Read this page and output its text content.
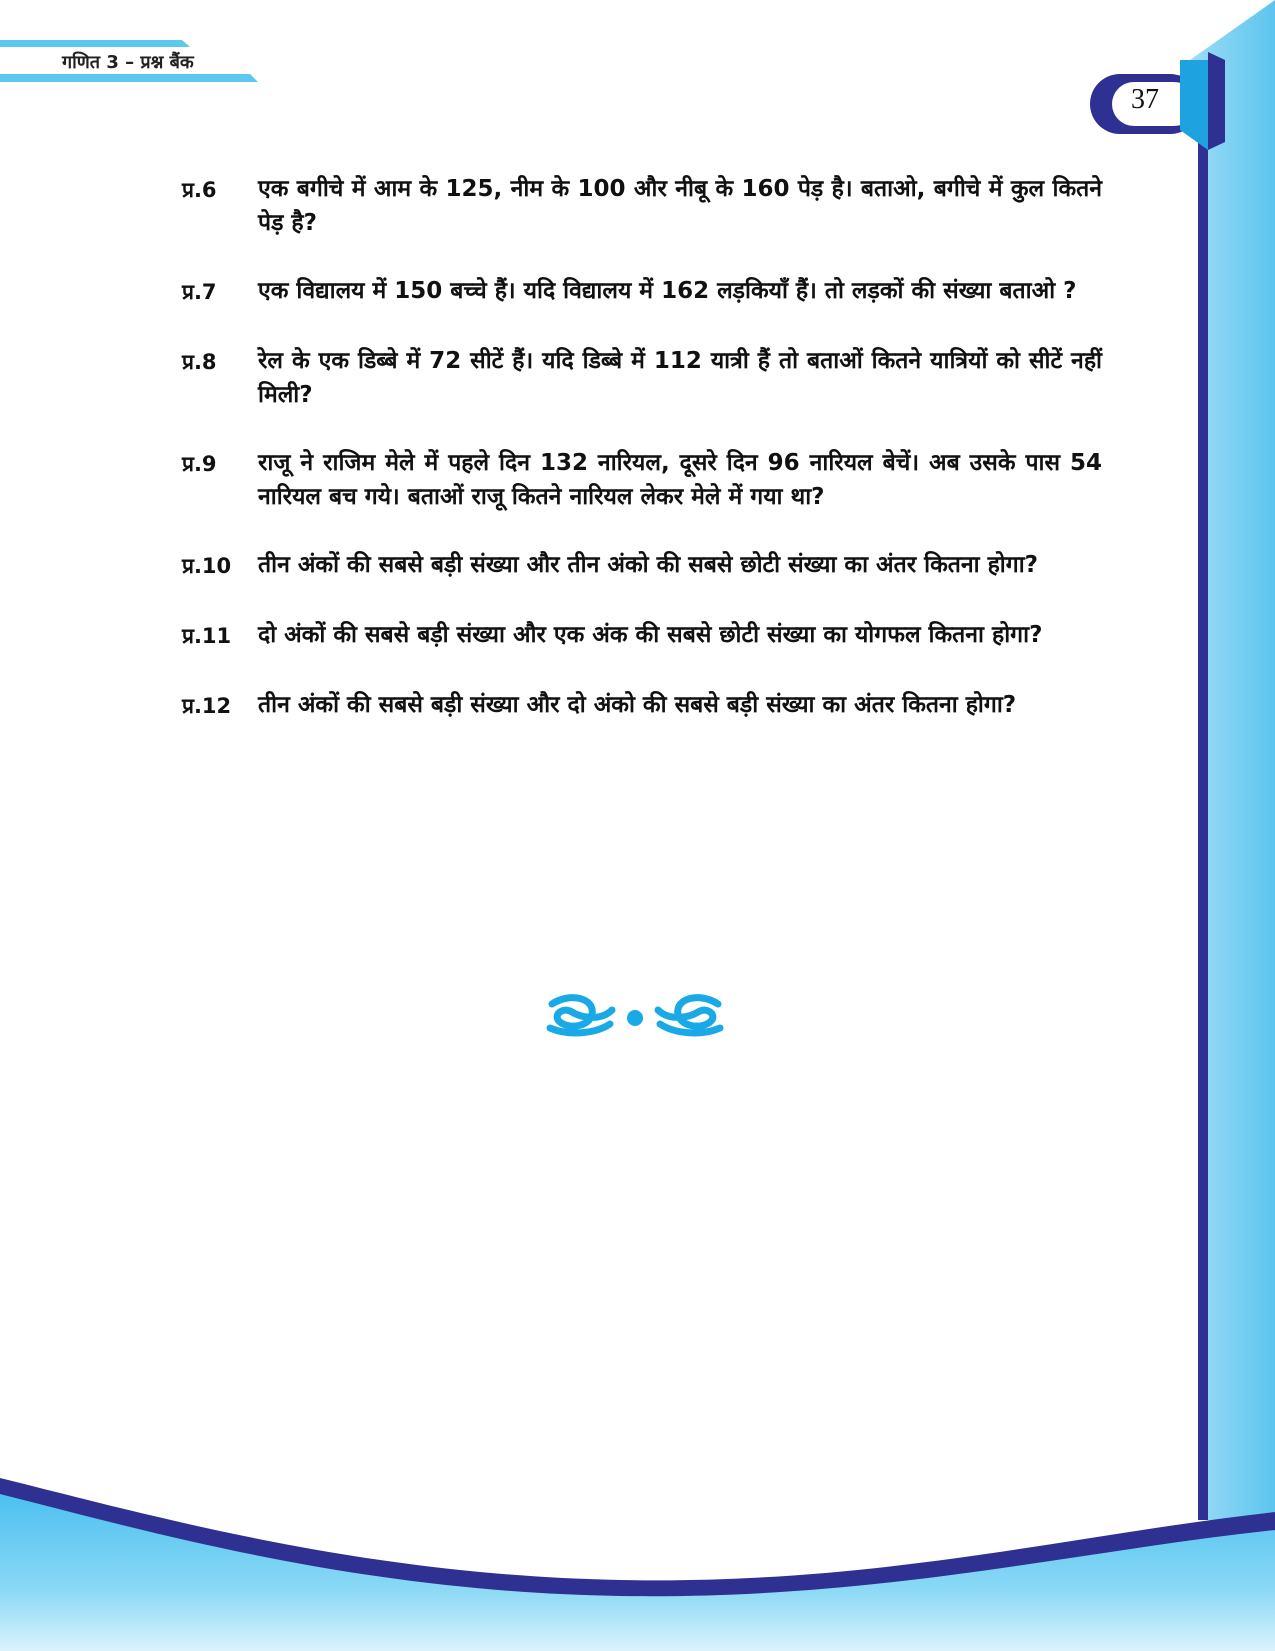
गणित 3 – प्रश्न बैंक
37
प्र.6	एक बगीचे में आम के 125, नीम के 100 और नीबू के 160 पेड़ है। बताओ, बगीचे में कुल कितने पेड़ है?
प्र.7	एक विद्यालय में 150 बच्चे हैं। यदि विद्यालय में 162 लड़कियाँ हैं। तो लड़कों की संख्या बताओ ?
प्र.8	रेल के एक डिब्बे में 72 सीटें हैं। यदि डिब्बे में 112 यात्री हैं तो बताओं कितने यात्रियों को सीटें नहीं मिली?
प्र.9	राजू ने राजिम मेले में पहले दिन 132 नारियल, दूसरे दिन 96 नारियल बेचें। अब उसके पास 54 नारियल बच गये। बताओं राजू कितने नारियल लेकर मेले में गया था?
प्र.10	तीन अंकों की सबसे बड़ी संख्या और तीन अंको की सबसे छोटी संख्या का अंतर कितना होगा?
प्र.11	दो अंकों की सबसे बड़ी संख्या और एक अंक की सबसे छोटी संख्या का योगफल कितना होगा?
प्र.12	तीन अंकों की सबसे बड़ी संख्या और दो अंको की सबसे बड़ी संख्या का अंतर कितना होगा?
